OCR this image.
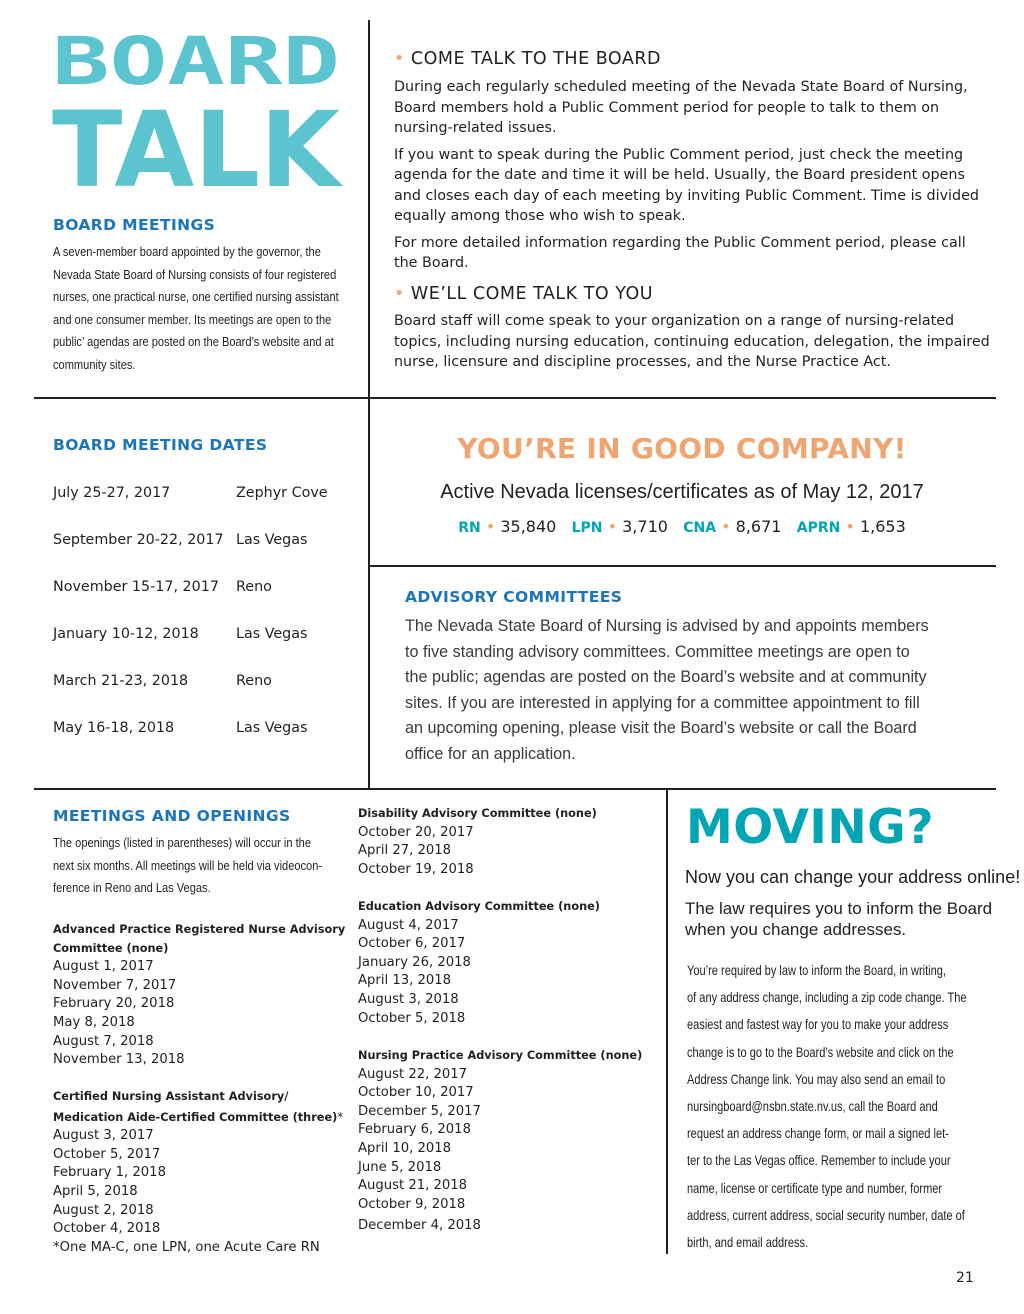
BOARD
TALK
BOARD MEETINGS
A seven-member board appointed by the governor, the
Nevada State Board of Nursing consists of four registered
nurses, one practical nurse, one certified nursing assistant
and one consumer member. Its meetings are open to the
public’ agendas are posted on the Board’s website and at
community sites.
• COME TALK TO THE BOARD
During each regularly scheduled meeting of the Nevada State Board of Nursing,
Board members hold a Public Comment period for people to talk to them on
nursing-related issues.
If you want to speak during the Public Comment period, just check the meeting
agenda for the date and time it will be held. Usually, the Board president opens
and closes each day of each meeting by inviting Public Comment. Time is divided
equally among those who wish to speak.
For more detailed information regarding the Public Comment period, please call
the Board.
• WE’LL COME TALK TO YOU
Board staff will come speak to your organization on a range of nursing-related
topics, including nursing education, continuing education, delegation, the impaired
nurse, licensure and discipline processes, and the Nurse Practice Act.
BOARD MEETING DATES
July 25-27, 2017	Zephyr Cove
September 20-22, 2017 Las Vegas
November 15-17, 2017 Reno
January 10-12, 2018	Las Vegas
March 21-23, 2018	Reno
May 16-18, 2018	Las Vegas
YOU’RE IN GOOD COMPANY!
Active Nevada licenses/certificates as of May 12, 2017
RN • 35,840 LPN • 3,710 CNA • 8,671 APRN • 1,653
ADVISORY COMMITTEES
The Nevada State Board of Nursing is advised by and appoints members
to five standing advisory committees. Committee meetings are open to
the public; agendas are posted on the Board’s website and at community
sites. If you are interested in applying for a committee appointment to fill
an upcoming opening, please visit the Board’s website or call the Board
office for an application.
MEETINGS AND OPENINGS
The openings (listed in parentheses) will occur in the
next six months. All meetings will be held via videocon-
ference in Reno and Las Vegas.
Advanced Practice Registered Nurse Advisory
Committee (none)
August 1, 2017
November 7, 2017
February 20, 2018
May 8, 2018
August 7, 2018
November 13, 2018
Certified Nursing Assistant Advisory/
Medication Aide-Certified Committee (three)*
August 3, 2017
October 5, 2017
February 1, 2018
April 5, 2018
August 2, 2018
October 4, 2018
*One MA-C, one LPN, one Acute Care RN
Disability Advisory Committee (none)
October 20, 2017
April 27, 2018
October 19, 2018
Education Advisory Committee (none)
August 4, 2017
October 6, 2017
January 26, 2018
April 13, 2018
August 3, 2018
October 5, 2018
Nursing Practice Advisory Committee (none)
August 22, 2017
October 10, 2017
December 5, 2017
February 6, 2018
April 10, 2018
June 5, 2018
August 21, 2018
October 9, 2018
December 4, 2018
MOVING?
Now you can change your address online!
The law requires you to inform the Board
when you change addresses.
You’re required by law to inform the Board, in writing,
of any address change, including a zip code change. The
easiest and fastest way for you to make your address
change is to go to the Board’s website and click on the
Address Change link. You may also send an email to
nursingboard@nsbn.state.nv.us, call the Board and
request an address change form, or mail a signed let-
ter to the Las Vegas office. Remember to include your
name, license or certificate type and number, former
address, current address, social security number, date of
birth, and email address.
21
